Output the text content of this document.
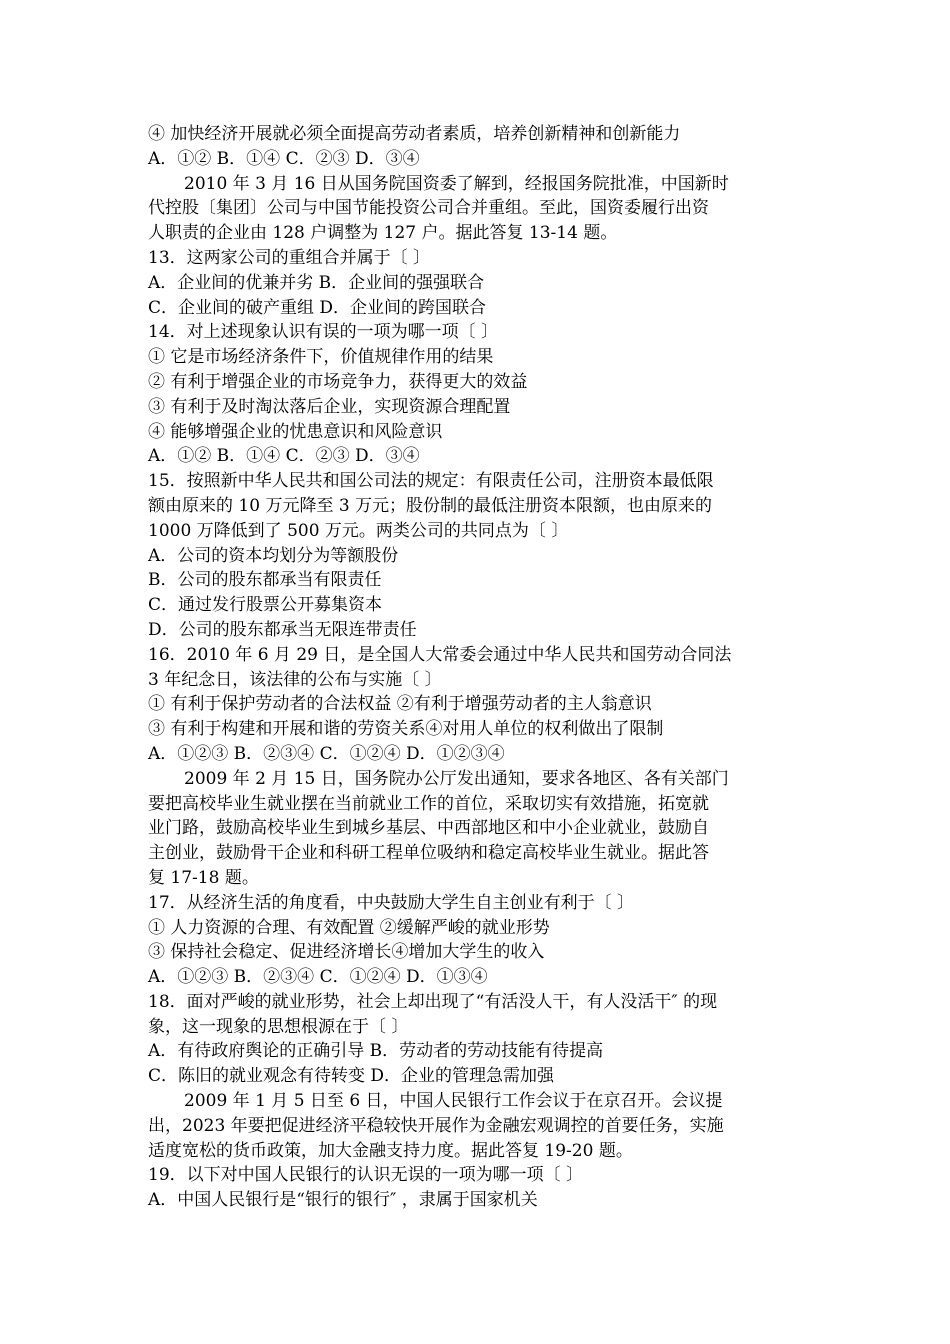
④ 加快经济开展就必须全面提高劳动者素质，培养创新精神和创新能力
A．①② B．①④ C．②③ D．③④
2010 年 3 月 16 日从国务院国资委了解到，经报国务院批准，中国新时
代控股〔集团〕公司与中国节能投资公司合并重组。至此，国资委履行出资
人职责的企业由 128 户调整为 127 户。据此答复 13-14 题。
13．这两家公司的重组合并属于〔 〕
A．企业间的优兼并劣 B．企业间的强强联合
C．企业间的破产重组 D．企业间的跨国联合
14．对上述现象认识有误的一项为哪一项〔 〕
① 它是市场经济条件下，价值规律作用的结果
② 有利于增强企业的市场竞争力，获得更大的效益
③ 有利于及时淘汰落后企业，实现资源合理配置
④ 能够增强企业的忧患意识和风险意识
A．①② B．①④ C．②③ D．③④
15．按照新中华人民共和国公司法的规定：有限责任公司，注册资本最低限
额由原来的 10 万元降至 3 万元；股份制的最低注册资本限额，也由原来的
1000 万降低到了 500 万元。两类公司的共同点为〔 〕
A．公司的资本均划分为等额股份
B．公司的股东都承当有限责任
C．通过发行股票公开募集资本
D．公司的股东都承当无限连带责任
16．2010 年 6 月 29 日，是全国人大常委会通过中华人民共和国劳动合同法
3 年纪念日，该法律的公布与实施〔 〕
① 有利于保护劳动者的合法权益 ②有利于增强劳动者的主人翁意识
③ 有利于构建和开展和谐的劳资关系④对用人单位的权利做出了限制
A．①②③ B．②③④ C．①②④ D．①②③④
2009 年 2 月 15 日，国务院办公厅发出通知，要求各地区、各有关部门
要把高校毕业生就业摆在当前就业工作的首位，采取切实有效措施，拓宽就
业门路，鼓励高校毕业生到城乡基层、中西部地区和中小企业就业，鼓励自
主创业，鼓励骨干企业和科研工程单位吸纳和稳定高校毕业生就业。据此答
复 17-18 题。
17．从经济生活的角度看，中央鼓励大学生自主创业有利于〔 〕
① 人力资源的合理、有效配置 ②缓解严峻的就业形势
③ 保持社会稳定、促进经济增长④增加大学生的收入
A．①②③ B．②③④ C．①②④ D．①③④
18．面对严峻的就业形势，社会上却出现了“有活没人干，有人没活干″ 的现
象，这一现象的思想根源在于〔 〕
A．有待政府舆论的正确引导 B．劳动者的劳动技能有待提高
C．陈旧的就业观念有待转变 D．企业的管理急需加强
2009 年 1 月 5 日至 6 日，中国人民银行工作会议于在京召开。会议提
出，2023 年要把促进经济平稳较快开展作为金融宏观调控的首要任务，实施
适度宽松的货币政策，加大金融支持力度。据此答复 19-20 题。
19．以下对中国人民银行的认识无误的一项为哪一项〔 〕
A．中国人民银行是“银行的银行″ ，隶属于国家机关
